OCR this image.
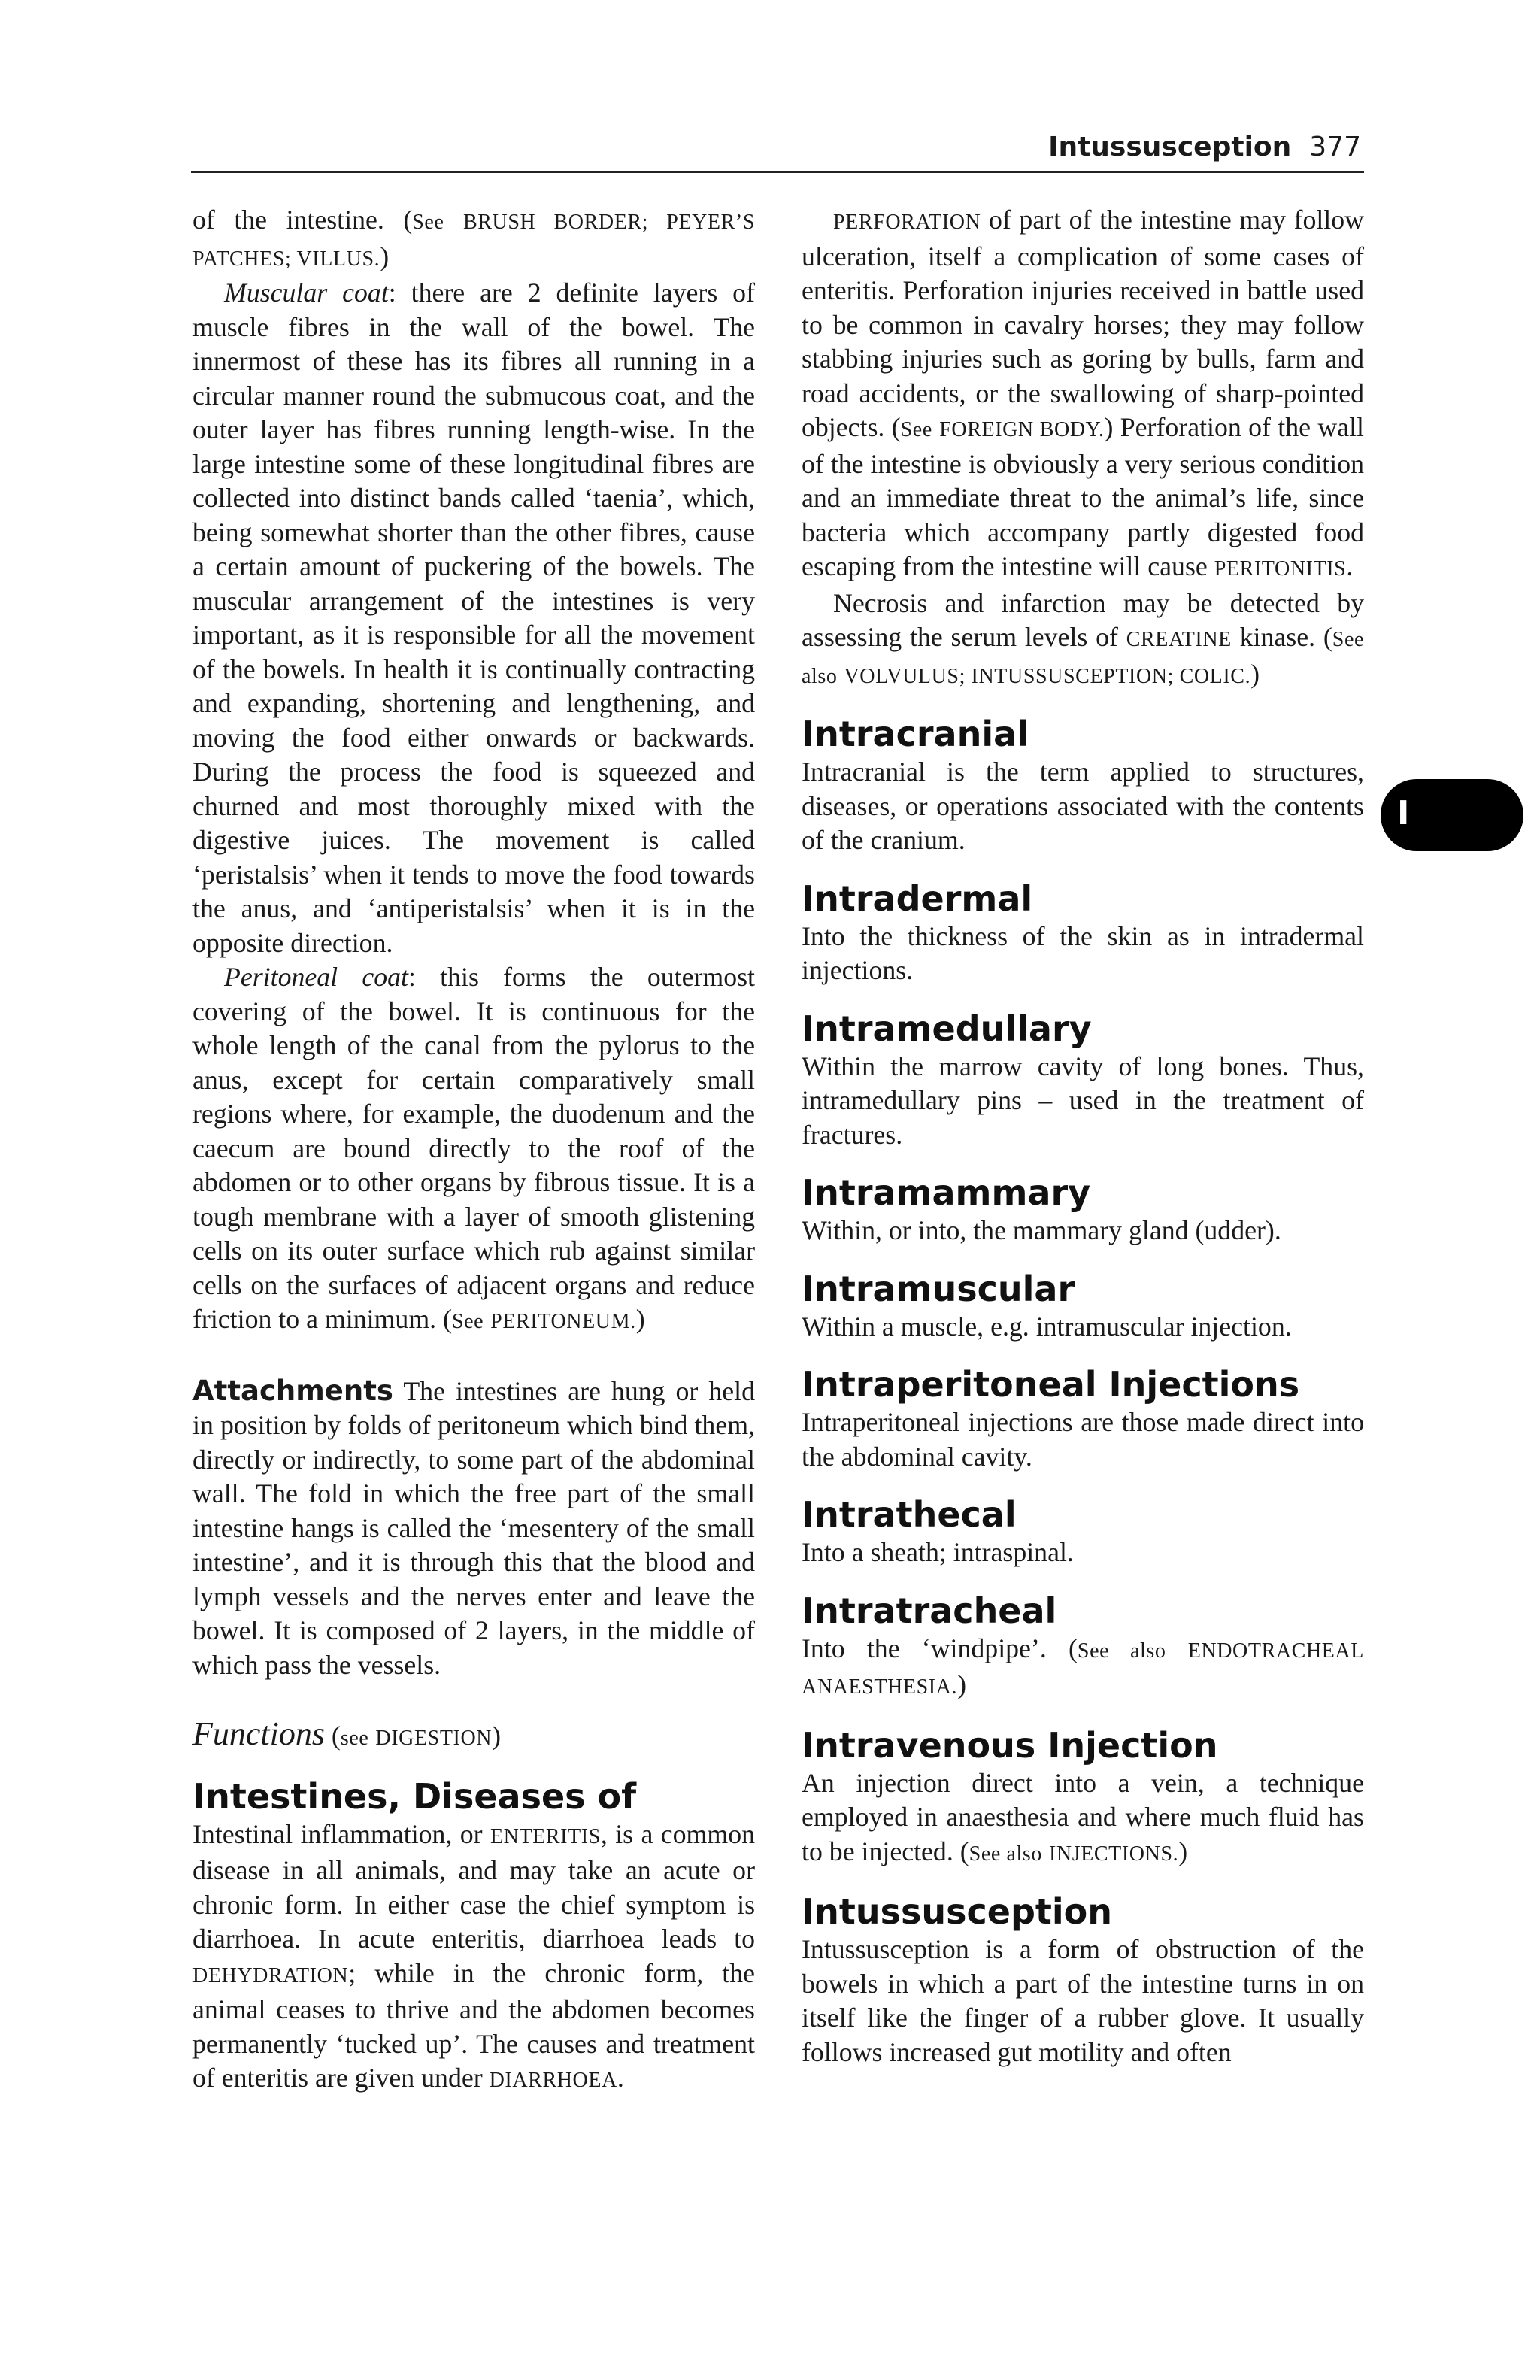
Intussusception 377
I

of the intestine. (See BRUSH BORDER; PEYER’S PATCHES; VILLUS.)

Muscular coat: there are 2 definite layers of muscle fibres in the wall of the bowel. The innermost of these has its fibres all running in a circular manner round the submucous coat, and the outer layer has fibres running length-wise. In the large intestine some of these longitudinal fibres are collected into distinct bands called ‘taenia’, which, being somewhat shorter than the other fibres, cause a certain amount of puckering of the bowels. The muscular arrangement of the intestines is very important, as it is responsible for all the movement of the bowels. In health it is continually contracting and expanding, shortening and lengthening, and moving the food either onwards or backwards. During the process the food is squeezed and churned and most thoroughly mixed with the digestive juices. The movement is called ‘peristalsis’ when it tends to move the food towards the anus, and ‘antiperistalsis’ when it is in the opposite direction.

Peritoneal coat: this forms the outermost covering of the bowel. It is continuous for the whole length of the canal from the pylorus to the anus, except for certain comparatively small regions where, for example, the duodenum and the caecum are bound directly to the roof of the abdomen or to other organs by fibrous tissue. It is a tough membrane with a layer of smooth glistening cells on its outer surface which rub against similar cells on the surfaces of adjacent organs and reduce friction to a minimum. (See PERITONEUM.)

Attachments The intestines are hung or held in position by folds of peritoneum which bind them, directly or indirectly, to some part of the abdominal wall. The fold in which the free part of the small intestine hangs is called the ‘mesentery of the small intestine’, and it is through this that the blood and lymph vessels and the nerves enter and leave the bowel. It is composed of 2 layers, in the middle of which pass the vessels.

Functions (see DIGESTION)

Intestines, Diseases of

Intestinal inflammation, or ENTERITIS, is a common disease in all animals, and may take an acute or chronic form. In either case the chief symptom is diarrhoea. In acute enteritis, diarrhoea leads to DEHYDRATION; while in the chronic form, the animal ceases to thrive and the abdomen becomes permanently ‘tucked up’. The causes and treatment of enteritis are given under DIARRHOEA.

PERFORATION of part of the intestine may follow ulceration, itself a complication of some cases of enteritis. Perforation injuries received in battle used to be common in cavalry horses; they may follow stabbing injuries such as goring by bulls, farm and road accidents, or the swallowing of sharp-pointed objects. (See FOREIGN BODY.) Perforation of the wall of the intestine is obviously a very serious condition and an immediate threat to the animal’s life, since bacteria which accompany partly digested food escaping from the intestine will cause PERITONITIS.

Necrosis and infarction may be detected by assessing the serum levels of CREATINE kinase. (See also VOLVULUS; INTUSSUSCEPTION; COLIC.)

Intracranial

Intracranial is the term applied to structures, diseases, or operations associated with the contents of the cranium.

Intradermal

Into the thickness of the skin as in intradermal injections.

Intramedullary

Within the marrow cavity of long bones. Thus, intramedullary pins – used in the treatment of fractures.

Intramammary

Within, or into, the mammary gland (udder).

Intramuscular

Within a muscle, e.g. intramuscular injection.

Intraperitoneal Injections

Intraperitoneal injections are those made direct into the abdominal cavity.

Intrathecal

Into a sheath; intraspinal.

Intratracheal

Into the ‘windpipe’. (See also ENDOTRACHEAL ANAESTHESIA.)

Intravenous Injection

An injection direct into a vein, a technique employed in anaesthesia and where much fluid has to be injected. (See also INJECTIONS.)

Intussusception

Intussusception is a form of obstruction of the bowels in which a part of the intestine turns in on itself like the finger of a rubber glove. It usually follows increased gut motility and often
